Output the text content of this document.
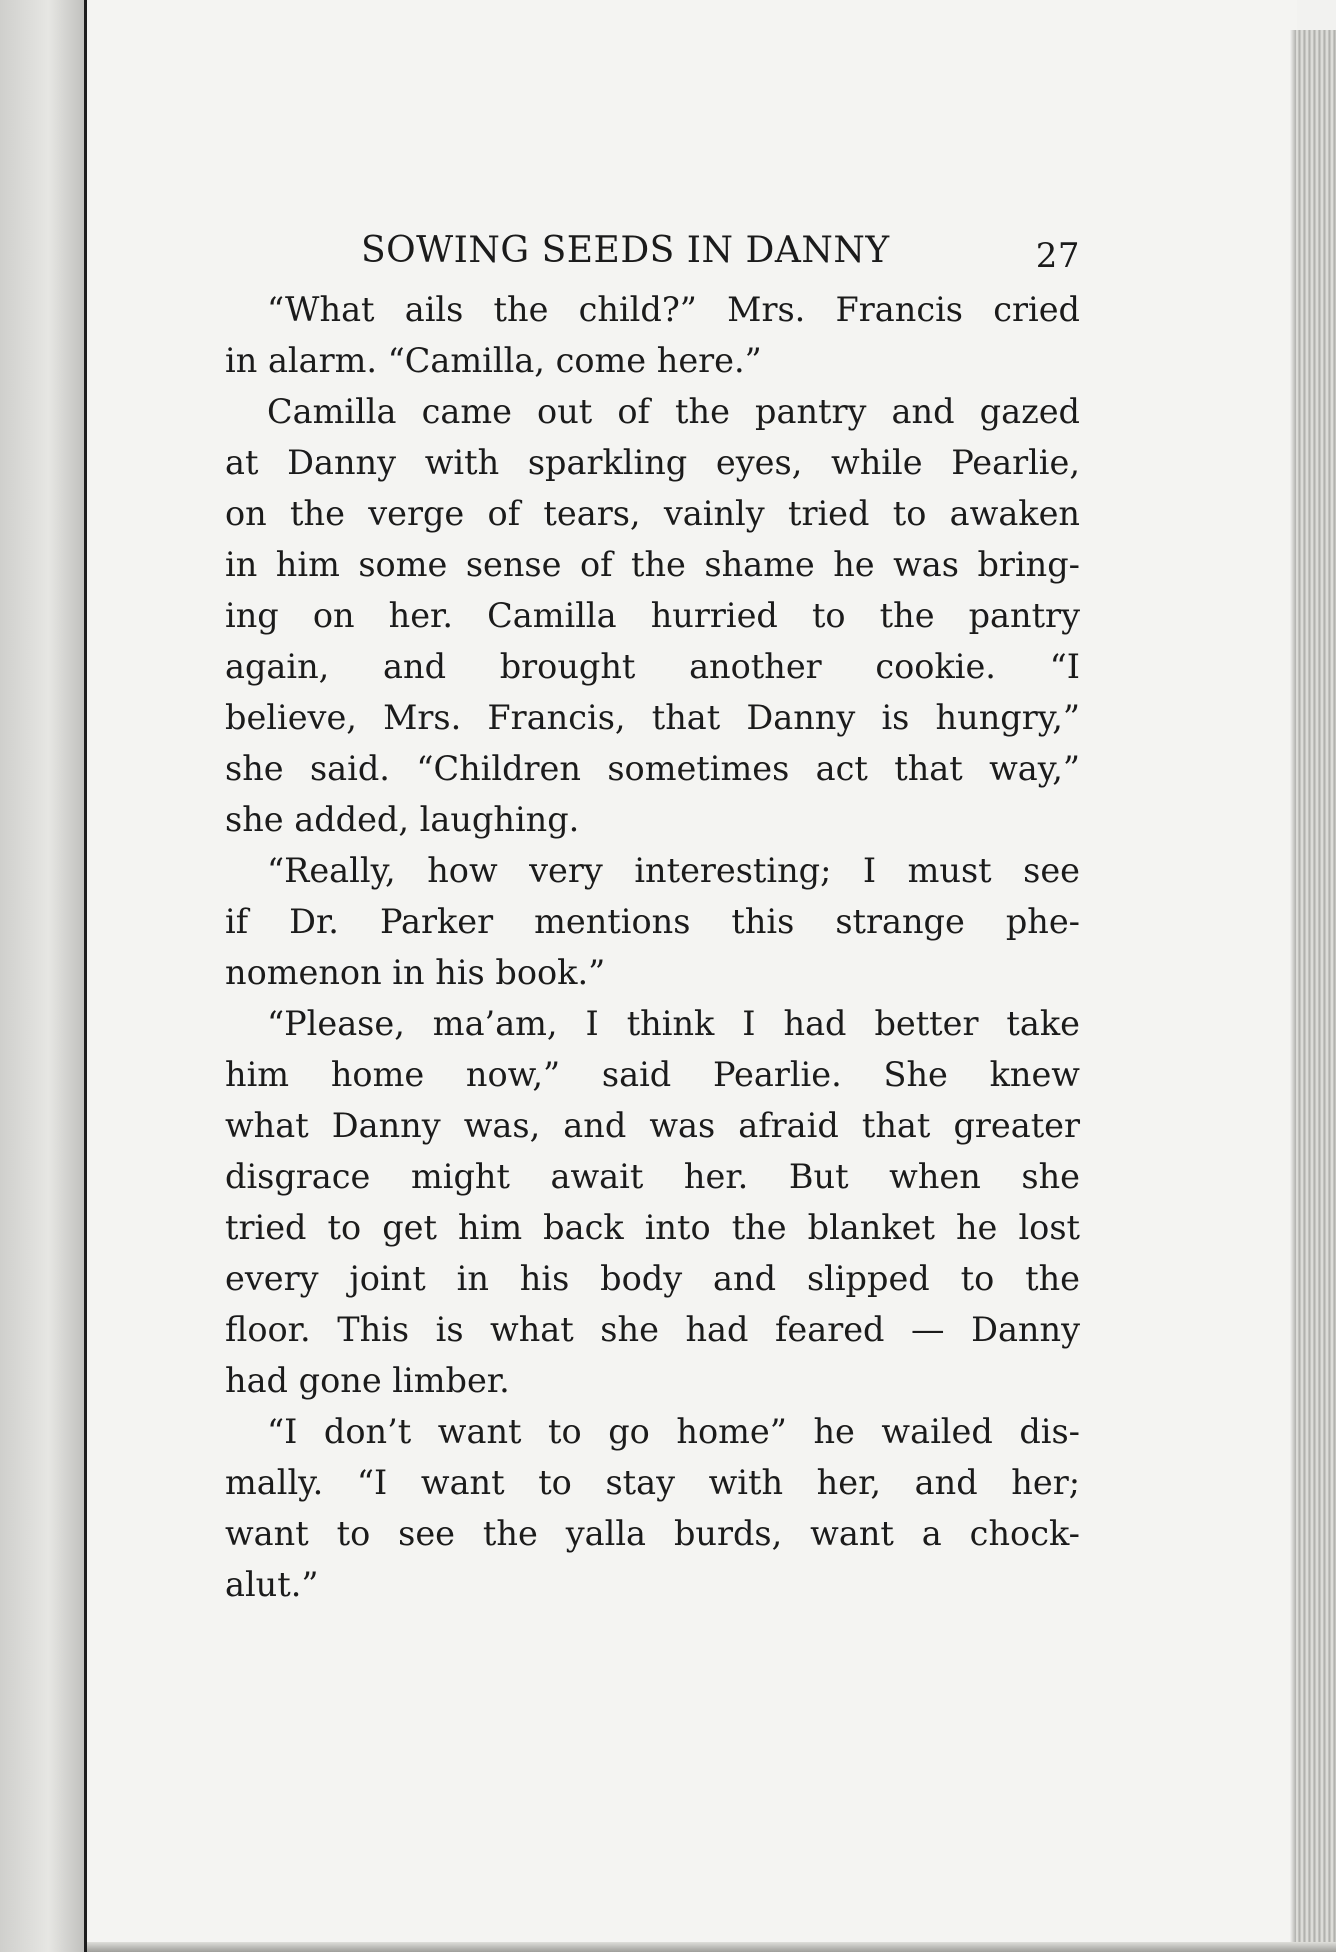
SOWING SEEDS IN DANNY	27
“What ails the child?” Mrs. Francis cried
in alarm. “Camilla, come here.”
Camilla came out of the pantry and gazed
at Danny with sparkling eyes, while Pearlie,
on the verge of tears, vainly tried to awaken
in him some sense of the shame he was bring-
ing on her. Camilla hurried to the pantry
again, and brought another cookie. “I
believe, Mrs. Francis, that Danny is hungry,”
she said. “Children sometimes act that way,”
she added, laughing.
“Really, how very interesting; I must see
if Dr. Parker mentions this strange phe-
nomenon in his book.”
“Please, ma’am, I think I had better take
him home now,” said Pearlie. She knew
what Danny was, and was afraid that greater
disgrace might await her. But when she
tried to get him back into the blanket he lost
every joint in his body and slipped to the
floor. This is what she had feared — Danny
had gone limber.
“I don’t want to go home” he wailed dis-
mally. “I want to stay with her, and her;
want to see the yalla burds, want a chock-
alut.”
